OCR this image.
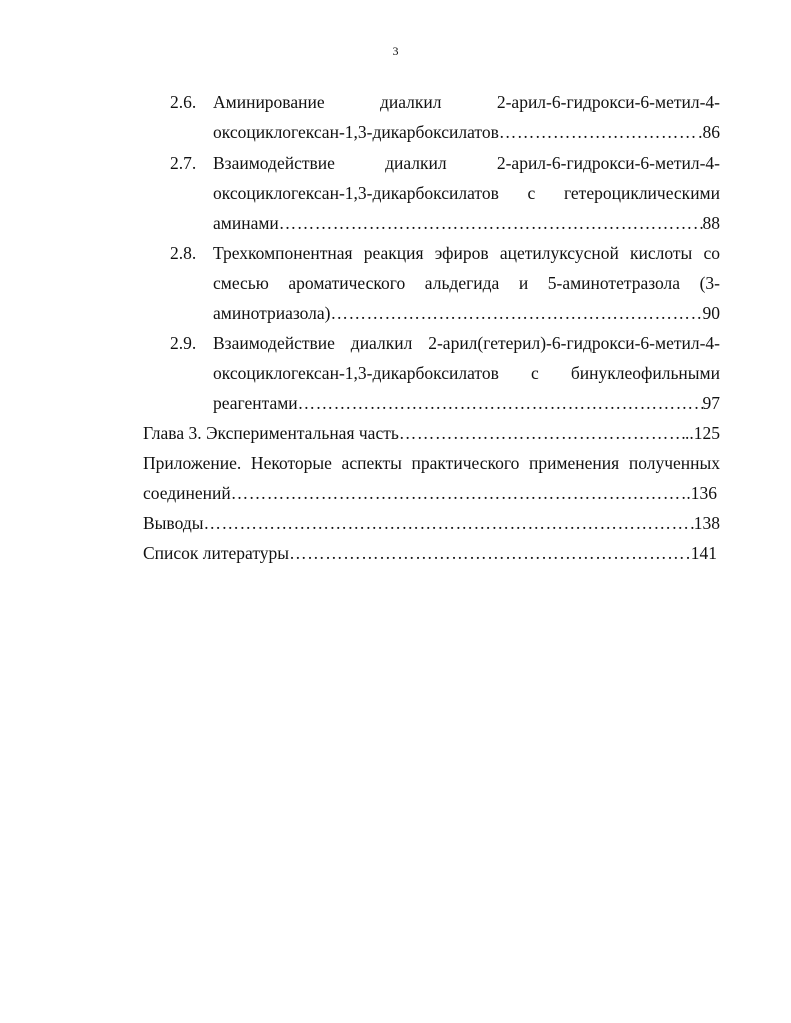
3
2.6. Аминирование диалкил 2-арил-6-гидрокси-6-метил-4-
оксоциклогексан-1,3-дикарбоксилатов …………………………………………………………………………………………………………………………………………………………………………	.86
2.7. Взаимодействие диалкил 2-арил-6-гидрокси-6-метил-4-
оксоциклогексан-1,3-дикарбоксилатов с гетероциклическими
аминами …………………………………………………………………………………………………………………………………………………………………………	88
2.8. Трехкомпонентная реакция эфиров ацетилуксусной кислоты со
смесью ароматического альдегида и 5-аминотетразола (3-
аминотриазола) …………………………………………………………………………………………………………………………………………………………………………	90
2.9. Взаимодействие диалкил 2-арил(гетерил)-6-гидрокси-6-метил-4-
оксоциклогексан-1,3-дикарбоксилатов с бинуклеофильными
реагентами …………………………………………………………………………………………………………………………………………………………………………	97
Глава 3. Экспериментальная часть …………………………………………………………………………………………………………………………………………………………………………	..125
Приложение. Некоторые аспекты практического применения полученных
соединений …………………………………………………………………………………………………………………………………………………………………………	.136
Выводы …………………………………………………………………………………………………………………………………………………………………………	138
Список литературы …………………………………………………………………………………………………………………………………………………………………………	141
